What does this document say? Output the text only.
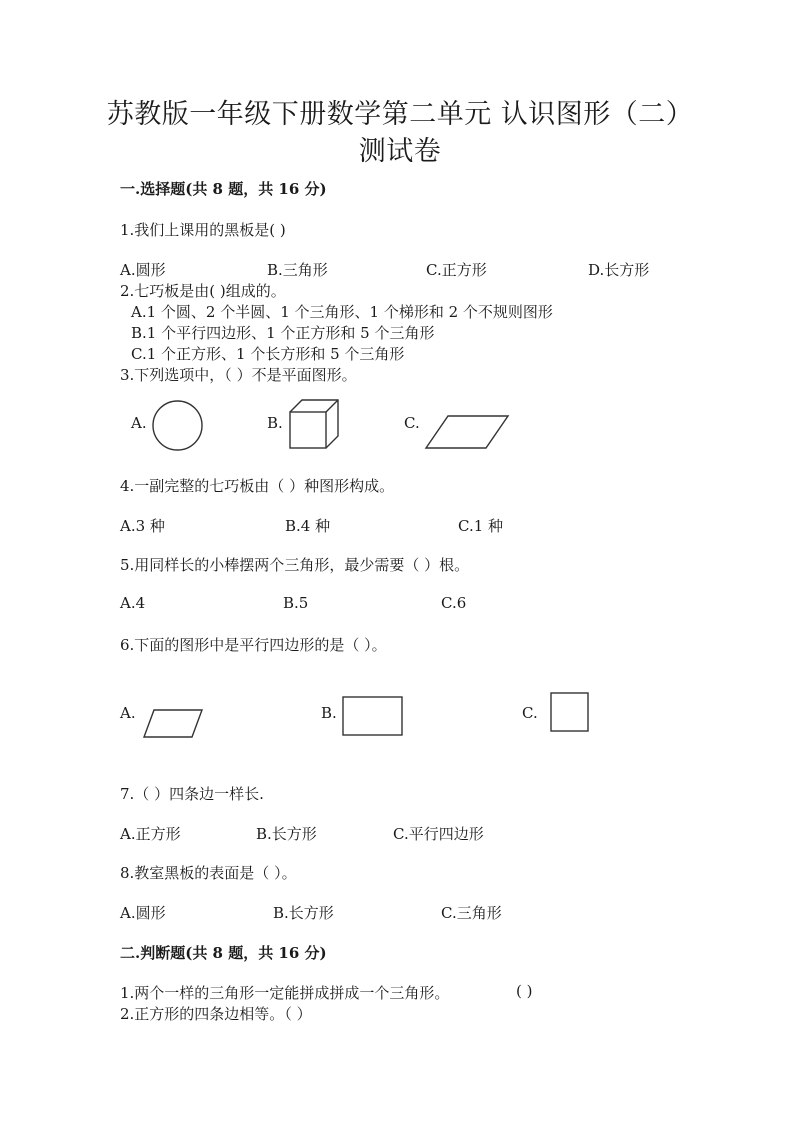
苏教版一年级下册数学第二单元 认识图形（二）
测试卷
一.选择题(共 8 题，共 16 分)
1.我们上课用的黑板是( )
A.圆形	B.三角形	C.正方形	D.长方形
2.七巧板是由( )组成的。
A.1 个圆、2 个半圆、1 个三角形、1 个梯形和 2 个不规则图形
B.1 个平行四边形、1 个正方形和 5 个三角形
C.1 个正方形、1 个长方形和 5 个三角形
3.下列选项中，（ ）不是平面图形。
A.	B.	C.
4.一副完整的七巧板由（ ）种图形构成。
A.3 种	B.4 种	C.1 种
5.用同样长的小棒摆两个三角形，最少需要（ ）根。
A.4	B.5	C.6
6.下面的图形中是平行四边形的是（ ）。
A.	B.	C.
7.（ ）四条边一样长.
A.正方形	B.长方形	C.平行四边形
8.教室黑板的表面是（ ）。
A.圆形	B.长方形	C.三角形
二.判断题(共 8 题，共 16 分)
1.两个一样的三角形一定能拼成拼成一个三角形。	( )
2.正方形的四条边相等。（ ）
